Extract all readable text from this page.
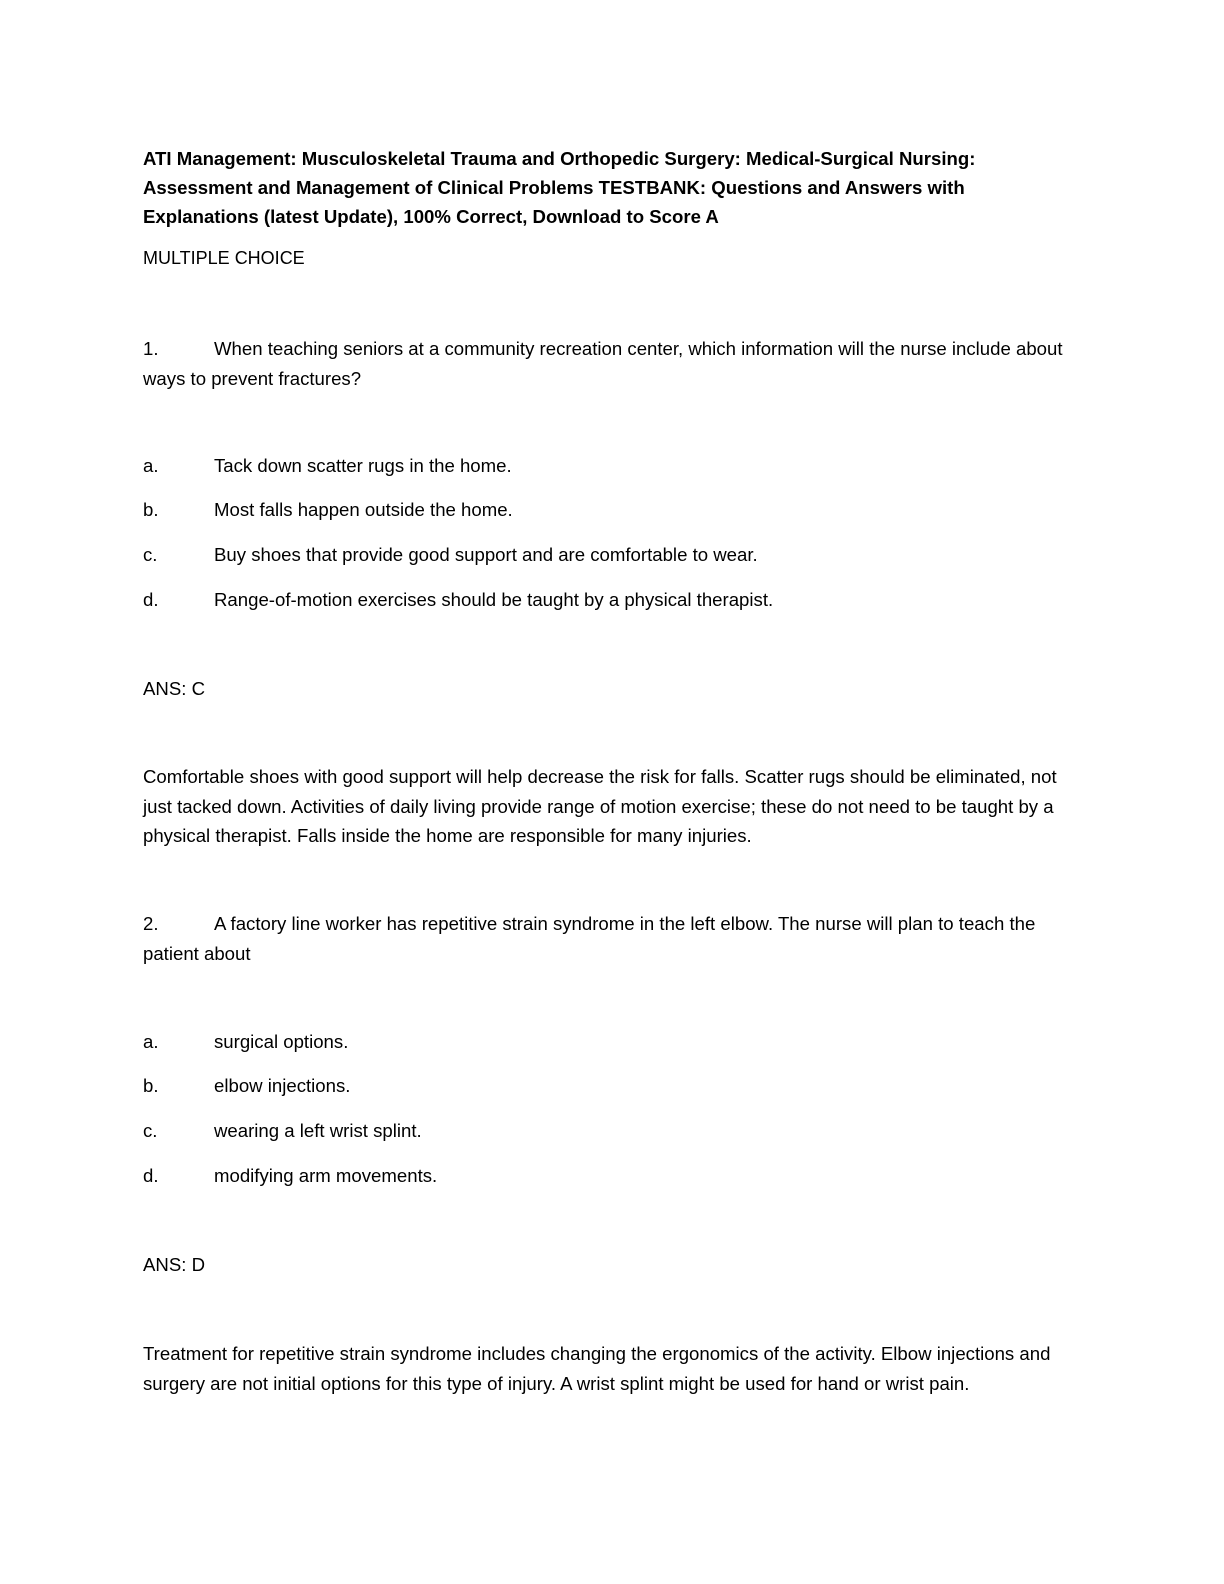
ATI Management: Musculoskeletal Trauma and Orthopedic Surgery: Medical-Surgical Nursing: Assessment and Management of Clinical Problems TESTBANK: Questions and Answers with Explanations (latest Update), 100% Correct, Download to Score A

MULTIPLE CHOICE

1.	When teaching seniors at a community recreation center, which information will the nurse include about ways to prevent fractures?

a.	Tack down scatter rugs in the home.
b.	Most falls happen outside the home.
c.	Buy shoes that provide good support and are comfortable to wear.
d.	Range-of-motion exercises should be taught by a physical therapist.
ANS: C

Comfortable shoes with good support will help decrease the risk for falls. Scatter rugs should be eliminated, not just tacked down. Activities of daily living provide range of motion exercise; these do not need to be taught by a physical therapist. Falls inside the home are responsible for many injuries.

2.	A factory line worker has repetitive strain syndrome in the left elbow. The nurse will plan to teach the patient about

a.	surgical options.
b.	elbow injections.
c.	wearing a left wrist splint.
d.	modifying arm movements.
ANS: D

Treatment for repetitive strain syndrome includes changing the ergonomics of the activity. Elbow injections and surgery are not initial options for this type of injury. A wrist splint might be used for hand or wrist pain.
